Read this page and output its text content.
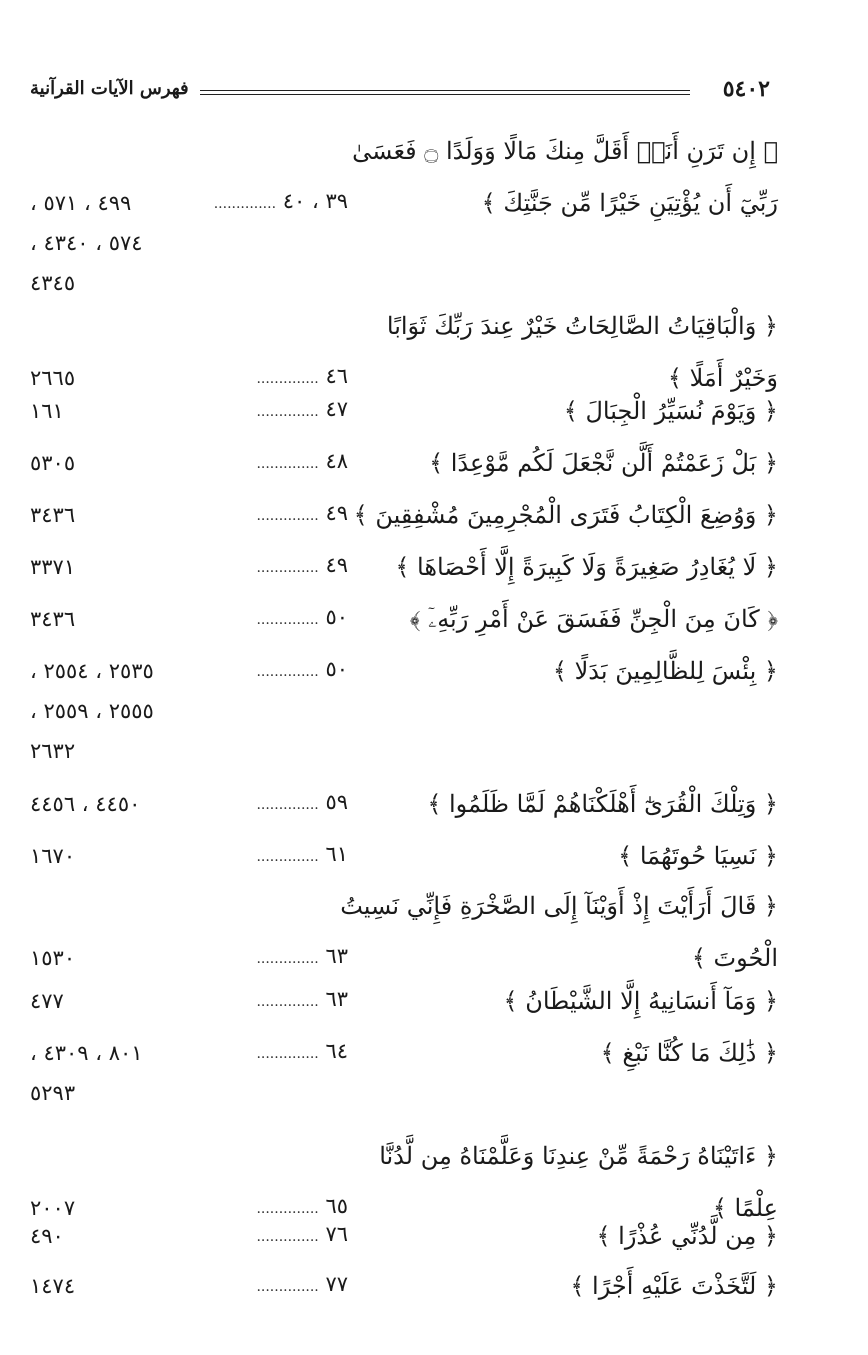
فهرس الآيات القرآنية	٥٤٠٢
﴿ إِن تَرَنِ أَنَا۠ أَقَلَّ مِنكَ مَالًا وَوَلَدًا ۝ فَعَسَىٰ
رَبِّيٓ أَن يُؤْتِيَنِ خَيْرًا مِّن جَنَّتِكَ ﴾
٣٩ ، ٤٠ ..............
٤٩٩ ، ٥٧١ ،
٥٧٤ ، ٤٣٤٠ ،
٤٣٤٥
﴿ وَالْبَاقِيَاتُ الصَّالِحَاتُ خَيْرٌ عِندَ رَبِّكَ ثَوَابًا
وَخَيْرٌ أَمَلًا ﴾
٤٦ ..............
٢٦٦٥
﴿ وَيَوْمَ نُسَيِّرُ الْجِبَالَ ﴾
٤٧ ..............
١٦١
﴿ بَلْ زَعَمْتُمْ أَلَّن نَّجْعَلَ لَكُم مَّوْعِدًا ﴾
٤٨ ..............
٥٣٠٥
﴿ وَوُضِعَ الْكِتَابُ فَتَرَى الْمُجْرِمِينَ مُشْفِقِينَ ﴾
٤٩ ..............
٣٤٣٦
﴿ لَا يُغَادِرُ صَغِيرَةً وَلَا كَبِيرَةً إِلَّا أَحْصَاهَا ﴾
٤٩ ..............
٣٣٧١
﴿ كَانَ مِنَ الْجِنِّ فَفَسَقَ عَنْ أَمْرِ رَبِّهِۦٓ ﴾
٥٠ ..............
٣٤٣٦
﴿ بِئْسَ لِلظَّالِمِينَ بَدَلًا ﴾
٥٠ ..............
٢٥٣٥ ، ٢٥٥٤ ،
٢٥٥٥ ، ٢٥٥٩ ،
٢٦٣٢
﴿ وَتِلْكَ الْقُرَىٰٓ أَهْلَكْنَاهُمْ لَمَّا ظَلَمُوا ﴾
٥٩ ..............
٤٤٥٠ ، ٤٤٥٦
﴿ نَسِيَا حُوتَهُمَا ﴾
٦١ ..............
١٦٧٠
﴿ قَالَ أَرَأَيْتَ إِذْ أَوَيْنَآ إِلَى الصَّخْرَةِ فَإِنِّي نَسِيتُ
الْحُوتَ ﴾
٦٣ ..............
١٥٣٠
﴿ وَمَآ أَنسَانِيهُ إِلَّا الشَّيْطَانُ ﴾
٦٣ ..............
٤٧٧
﴿ ذَٰلِكَ مَا كُنَّا نَبْغِ ﴾
٦٤ ..............
٨٠١ ، ٤٣٠٩ ،
٥٢٩٣
﴿ ءَاتَيْنَاهُ رَحْمَةً مِّنْ عِندِنَا وَعَلَّمْنَاهُ مِن لَّدُنَّا
عِلْمًا ﴾
٦٥ ..............
٢٠٠٧
﴿ مِن لَّدُنِّي عُذْرًا ﴾
٧٦ ..............
٤٩٠
﴿ لَتَّخَذْتَ عَلَيْهِ أَجْرًا ﴾
٧٧ ..............
١٤٧٤
